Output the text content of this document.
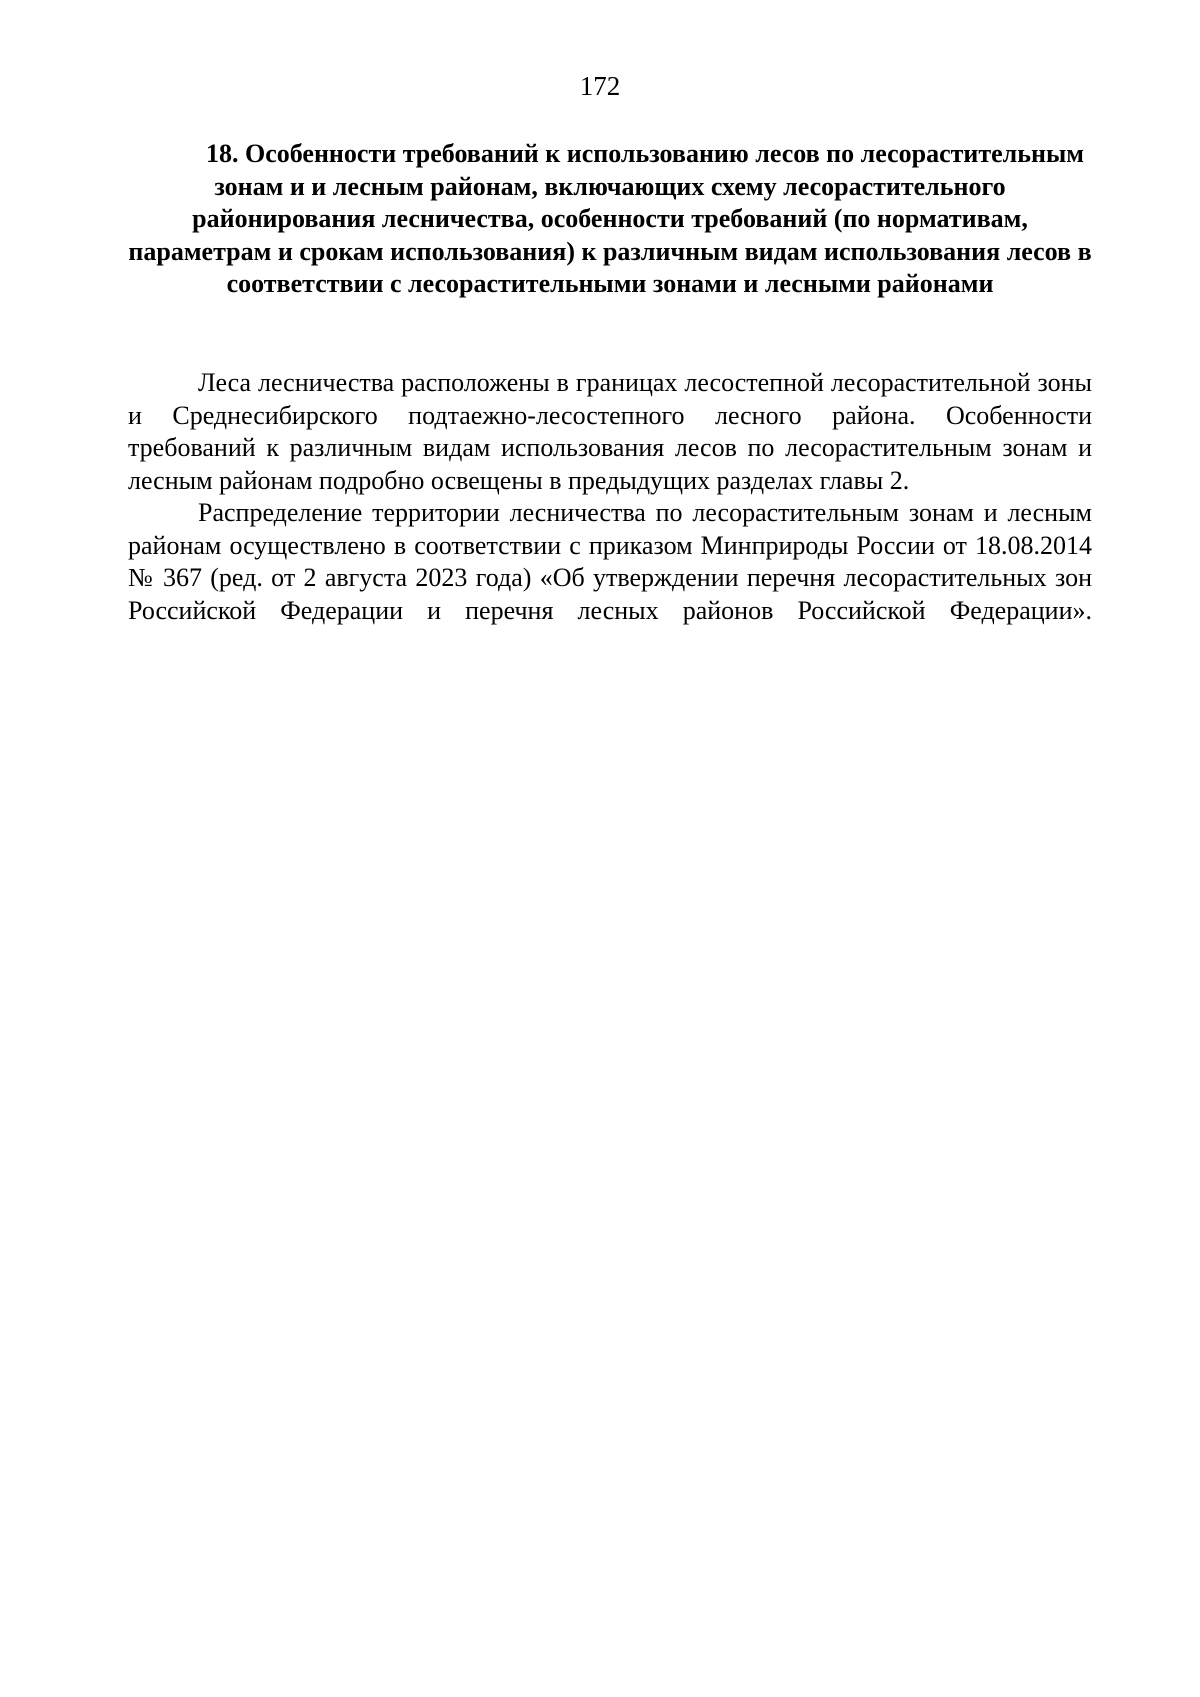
172
18. Особенности требований к использованию лесов по лесорастительным зонам и и лесным районам, включающих схему лесорастительного районирования лесничества, особенности требований (по нормативам, параметрам и срокам использования) к различным видам использования лесов в соответствии с лесорастительными зонами и лесными районами

Леса лесничества расположены в границах лесостепной лесорастительной зоны и Среднесибирского подтаежно-лесостепного лесного района. Особенности требований к различным видам использования лесов по лесорастительным зонам и лесным районам подробно освещены в предыдущих разделах главы 2.

Распределение территории лесничества по лесорастительным зонам и лесным районам осуществлено в соответствии с приказом Минприроды России от 18.08.2014 № 367 (ред. от 2 августа 2023 года) «Об утверждении перечня лесорастительных зон Российской Федерации и перечня лесных районов Российской Федерации».
